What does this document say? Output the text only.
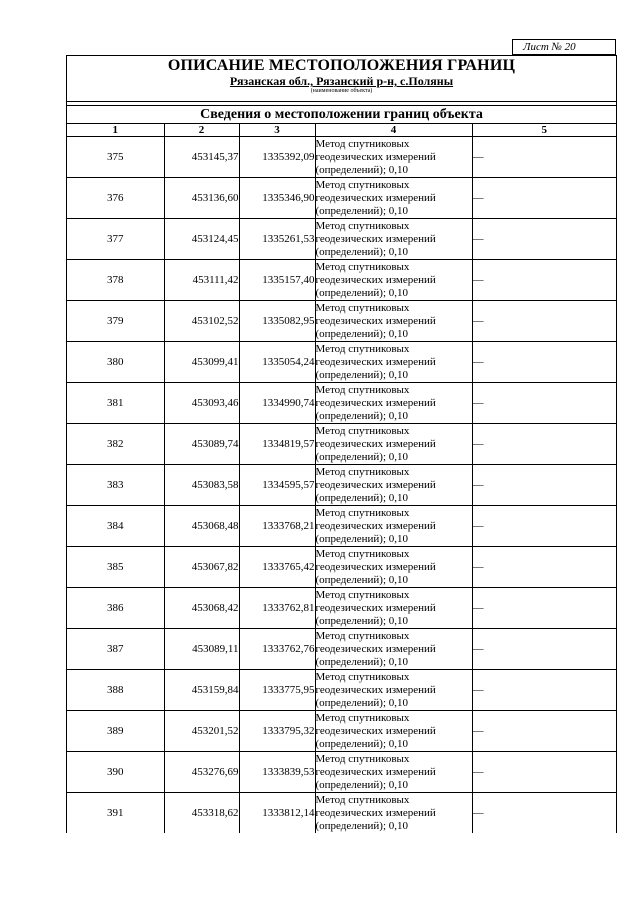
Лист № 20
ОПИСАНИЕ МЕСТОПОЛОЖЕНИЯ ГРАНИЦ
Рязанская обл., Рязанский р-н, с.Поляны
(наименование объекта)
Сведения о местоположении границ объекта
1	2	3	4	5
375	453145,37	1335392,09	Метод спутниковых
геодезических измерений
(определений); 0,10	—
376	453136,60	1335346,90	Метод спутниковых
геодезических измерений
(определений); 0,10	—
377	453124,45	1335261,53	Метод спутниковых
геодезических измерений
(определений); 0,10	—
378	453111,42	1335157,40	Метод спутниковых
геодезических измерений
(определений); 0,10	—
379	453102,52	1335082,95	Метод спутниковых
геодезических измерений
(определений); 0,10	—
380	453099,41	1335054,24	Метод спутниковых
геодезических измерений
(определений); 0,10	—
381	453093,46	1334990,74	Метод спутниковых
геодезических измерений
(определений); 0,10	—
382	453089,74	1334819,57	Метод спутниковых
геодезических измерений
(определений); 0,10	—
383	453083,58	1334595,57	Метод спутниковых
геодезических измерений
(определений); 0,10	—
384	453068,48	1333768,21	Метод спутниковых
геодезических измерений
(определений); 0,10	—
385	453067,82	1333765,42	Метод спутниковых
геодезических измерений
(определений); 0,10	—
386	453068,42	1333762,81	Метод спутниковых
геодезических измерений
(определений); 0,10	—
387	453089,11	1333762,76	Метод спутниковых
геодезических измерений
(определений); 0,10	—
388	453159,84	1333775,95	Метод спутниковых
геодезических измерений
(определений); 0,10	—
389	453201,52	1333795,32	Метод спутниковых
геодезических измерений
(определений); 0,10	—
390	453276,69	1333839,53	Метод спутниковых
геодезических измерений
(определений); 0,10	—
391	453318,62	1333812,14	Метод спутниковых
геодезических измерений
(определений); 0,10	—
